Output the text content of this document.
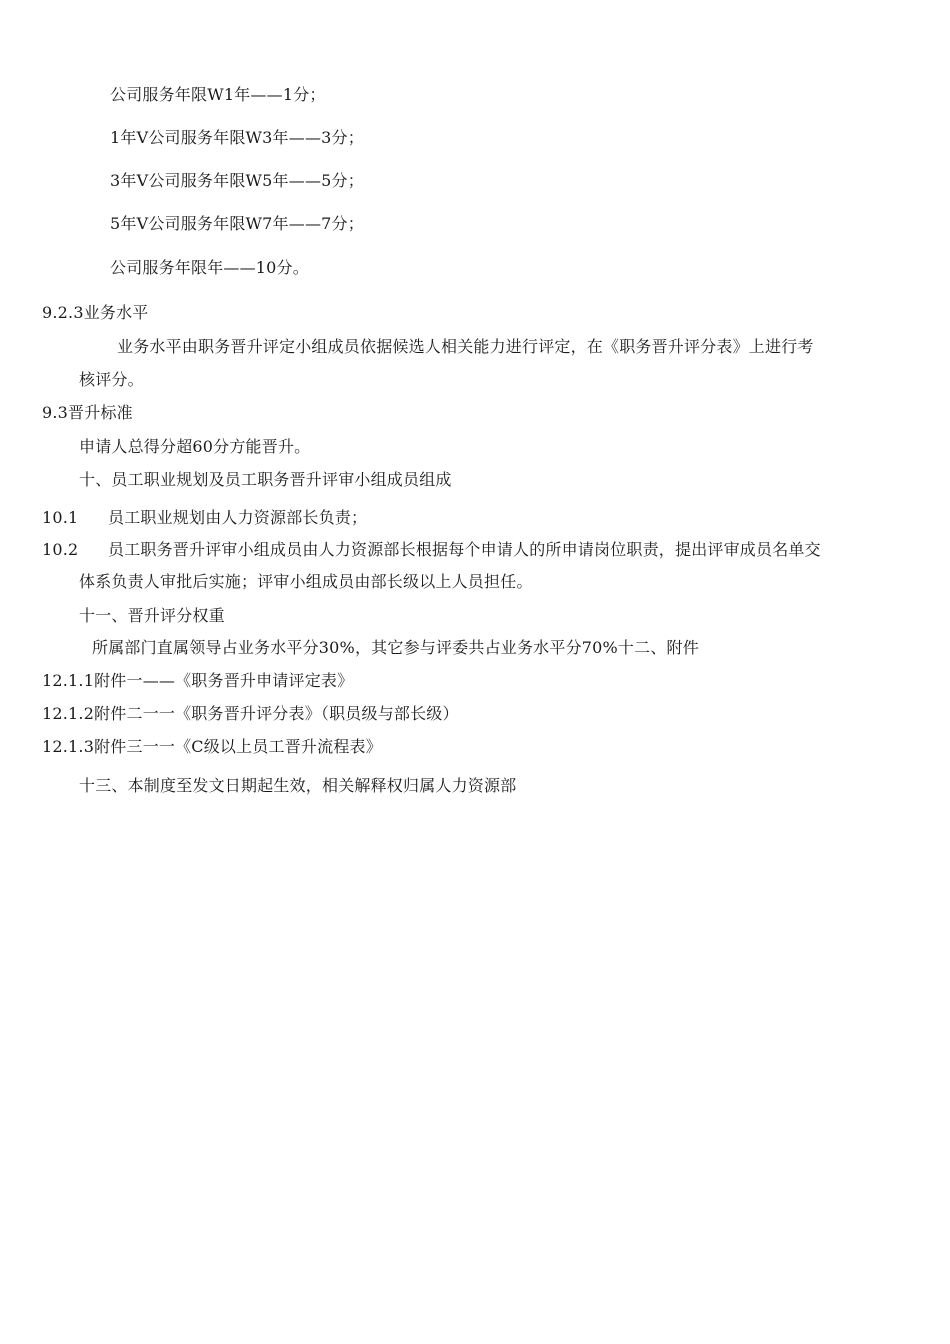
公司服务年限W1年——1分；
1年V公司服务年限W3年——3分；
3年V公司服务年限W5年——5分；
5年V公司服务年限W7年——7分；
公司服务年限年——10分。
9.2.3业务水平
业务水平由职务晋升评定小组成员依据候选人相关能力进行评定，在《职务晋升评分表》上进行考
核评分。
9.3晋升标准
申请人总得分超60分方能晋升。
十、员工职业规划及员工职务晋升评审小组成员组成
10.1 员工职业规划由人力资源部长负责；
10.2 员工职务晋升评审小组成员由人力资源部长根据每个申请人的所申请岗位职责，提出评审成员名单交
体系负责人审批后实施；评审小组成员由部长级以上人员担任。
十一、晋升评分权重
所属部门直属领导占业务水平分30%，其它参与评委共占业务水平分70%十二、附件
12.1.1附件一——《职务晋升申请评定表》
12.1.2附件二一一《职务晋升评分表》（职员级与部长级）
12.1.3附件三一一《C级以上员工晋升流程表》
十三、本制度至发文日期起生效，相关解释权归属人力资源部
